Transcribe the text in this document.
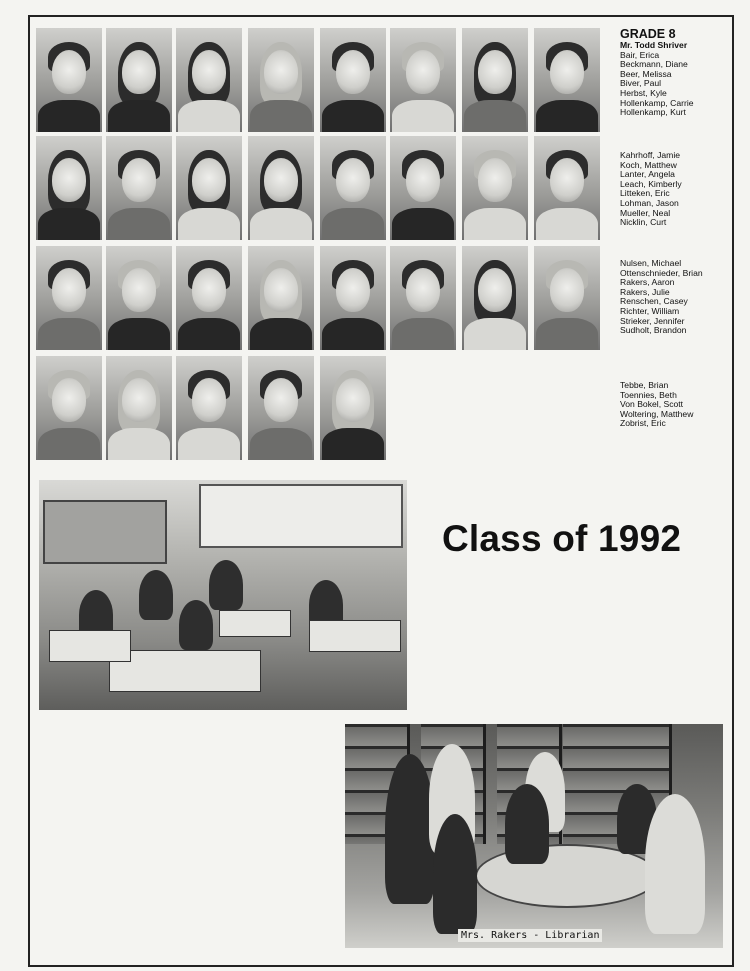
GRADE 8
Mr. Todd Shriver
Bair, Erica
Beckmann, Diane
Beer, Melissa
Biver, Paul
Herbst, Kyle
Hollenkamp, Carrie
Hollenkamp, Kurt
Kahrhoff, Jamie
Koch, Matthew
Lanter, Angela
Leach, Kimberly
Litteken, Eric
Lohman, Jason
Mueller, Neal
Nicklin, Curt
Nulsen, Michael
Ottenschnieder, Brian
Rakers, Aaron
Rakers, Julie
Renschen, Casey
Richter, William
Strieker, Jennifer
Sudholt, Brandon
Tebbe, Brian
Toennies, Beth
Von Bokel, Scott
Woltering, Matthew
Zobrist, Eric
Class of 1992
Mrs. Rakers - Librarian
